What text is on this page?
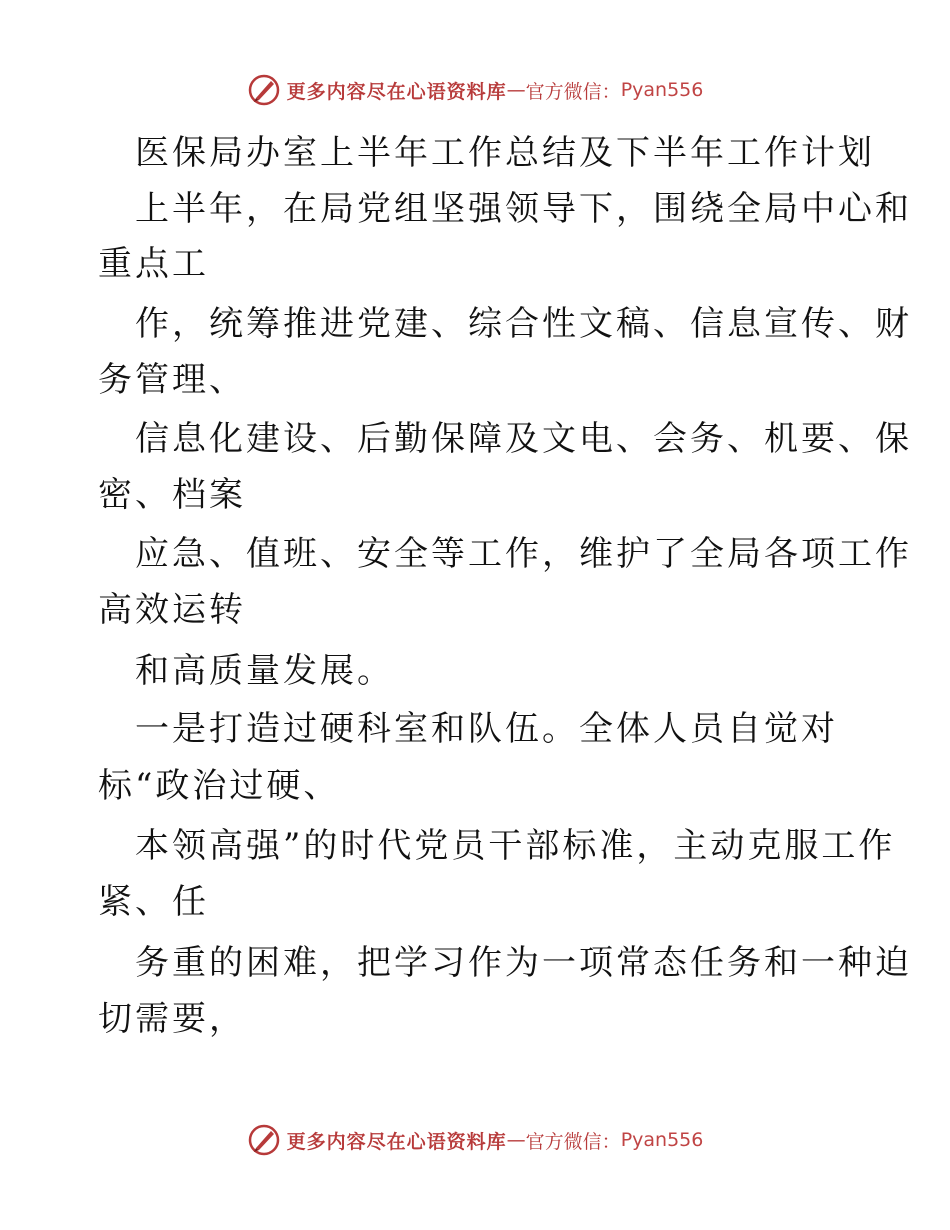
更多内容尽在心语资料库 — 官方微信： Pyan556
医保局办室上半年工作总结及下半年工作计划
上半年，在局党组坚强领导下，围绕全局中心和
重点工
作，统筹推进党建、综合性文稿、信息宣传、财
务管理、
信息化建设、后勤保障及文电、会务、机要、保
密、档案
应急、值班、安全等工作，维护了全局各项工作
高效运转
和高质量发展。
一是打造过硬科室和队伍。全体人员自觉对
标“政治过硬、
本领高强”的时代党员干部标准，主动克服工作
紧、任
务重的困难，把学习作为一项常态任务和一种迫
切需要，
更多内容尽在心语资料库 — 官方微信： Pyan556
